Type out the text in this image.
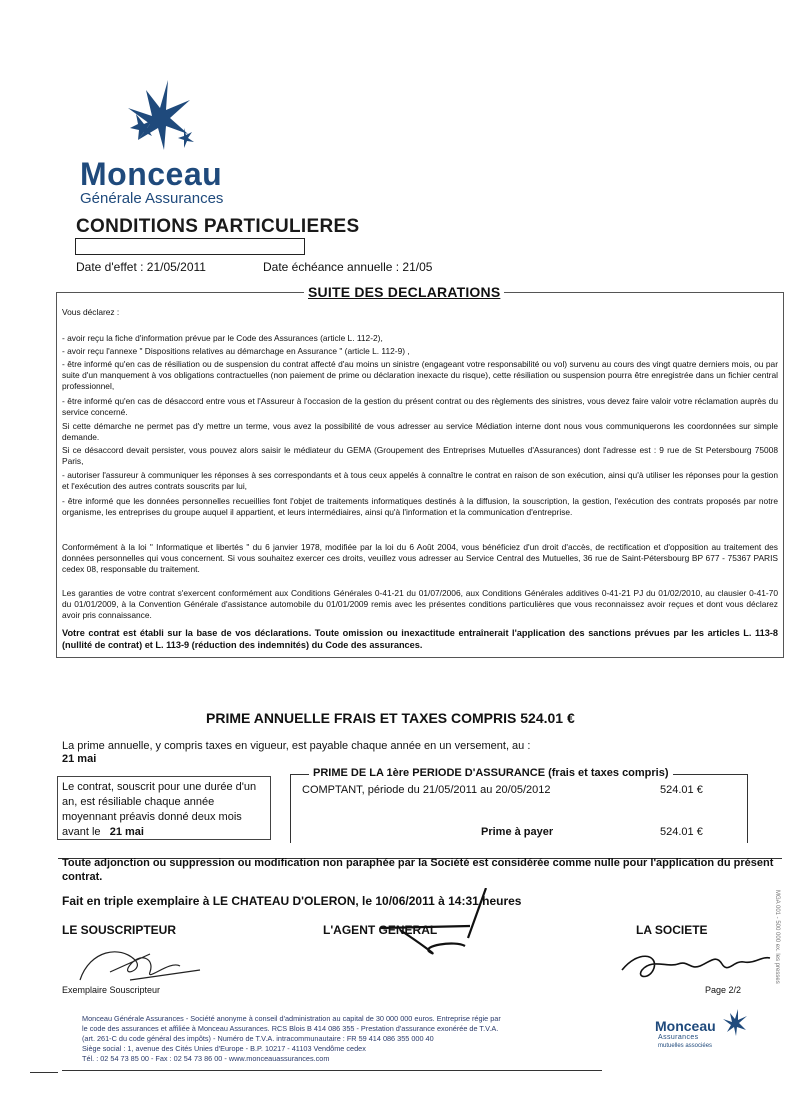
Monceau
Générale Assurances
CONDITIONS PARTICULIERES
Date d'effet : 21/05/2011	Date échéance annuelle : 21/05
SUITE DES DECLARATIONS
Vous déclarez :
- avoir reçu la fiche d'information prévue par le Code des Assurances (article L. 112-2),
- avoir reçu l'annexe " Dispositions relatives au démarchage en Assurance " (article L. 112-9) ,
- être informé qu'en cas de résiliation ou de suspension du contrat affecté d'au moins un sinistre (engageant votre responsabilité ou vol) survenu au cours des vingt quatre derniers mois, ou par suite d'un manquement à vos obligations contractuelles (non paiement de prime ou déclaration inexacte du risque), cette résiliation ou suspension pourra être enregistrée dans un fichier central professionnel,
- être informé qu'en cas de désaccord entre vous et l'Assureur à l'occasion de la gestion du présent contrat ou des règlements des sinistres, vous devez faire valoir votre réclamation auprès du service concerné.
Si cette démarche ne permet pas d'y mettre un terme, vous avez la possibilité de vous adresser au service Médiation interne dont nous vous communiquerons les coordonnées sur simple demande.
Si ce désaccord devait persister, vous pouvez alors saisir le médiateur du GEMA (Groupement des Entreprises Mutuelles d'Assurances) dont l'adresse est : 9 rue de St Petersbourg 75008 Paris,
- autoriser l'assureur à communiquer les réponses à ses correspondants et à tous ceux appelés à connaître le contrat en raison de son exécution, ainsi qu'à utiliser les réponses pour la gestion et l'exécution des autres contrats souscrits par lui,
- être informé que les données personnelles recueillies font l'objet de traitements informatiques destinés à la diffusion, la souscription, la gestion, l'exécution des contrats proposés par notre organisme, les entreprises du groupe auquel il appartient, et leurs intermédiaires, ainsi qu'à l'information et la communication d'entreprise.
Conformément à la loi " Informatique et libertés " du 6 janvier 1978, modifiée par la loi du 6 Août 2004, vous bénéficiez d'un droit d'accès, de rectification et d'opposition au traitement des données personnelles qui vous concernent. Si vous souhaitez exercer ces droits, veuillez vous adresser au Service Central des Mutuelles, 36 rue de Saint-Pétersbourg BP 677 - 75367 PARIS cedex 08, responsable du traitement.
Les garanties de votre contrat s'exercent conformément aux Conditions Générales 0-41-21 du 01/07/2006, aux Conditions Générales additives 0-41-21 PJ du 01/02/2010, au clausier 0-41-70 du 01/01/2009, à la Convention Générale d'assistance automobile du 01/01/2009 remis avec les présentes conditions particulières que vous reconnaissez avoir reçues et dont vous déclarez avoir pris connaissance.
Votre contrat est établi sur la base de vos déclarations. Toute omission ou inexactitude entraînerait l'application des sanctions prévues par les articles L. 113-8 (nullité de contrat) et L. 113-9 (réduction des indemnités) du Code des assurances.
PRIME ANNUELLE FRAIS ET TAXES COMPRIS 524.01 €
La prime annuelle, y compris taxes en vigueur, est payable chaque année en un versement, au :
21 mai
Le contrat, souscrit pour une durée d'un an, est résiliable chaque année moyennant préavis donné deux mois avant le 21 mai
PRIME DE LA 1ère PERIODE D'ASSURANCE (frais et taxes compris)
COMPTANT, période du 21/05/2011 au 20/05/2012	524.01 €
Prime à payer	524.01 €
Toute adjonction ou suppression ou modification non paraphée par la Société est considérée comme nulle pour l'application du présent contrat.
Fait en triple exemplaire à LE CHATEAU D'OLERON, le 10/06/2011 à 14:31 heures
LE SOUSCRIPTEUR	L'AGENT GENERAL	LA SOCIETE
Exemplaire Souscripteur	Page 2/2
Monceau Générale Assurances - Société anonyme à conseil d'administration au capital de 30 000 000 euros. Entreprise régie par
le code des assurances et affiliée à Monceau Assurances. RCS Blois B 414 086 355 - Prestation d'assurance exonérée de T.V.A.
(art. 261-C du code général des impôts) - Numéro de T.V.A. intracommunautaire : FR 59 414 086 355 000 40
Siège social : 1, avenue des Cités Unies d'Europe - B.P. 10217 - 41103 Vendôme cedex
Tél. : 02 54 73 85 00 - Fax : 02 54 73 86 00 - www.monceauassurances.com
Monceau
Assurances
mutuelles associées
MGA 001 - 500 000 ex. les presses
